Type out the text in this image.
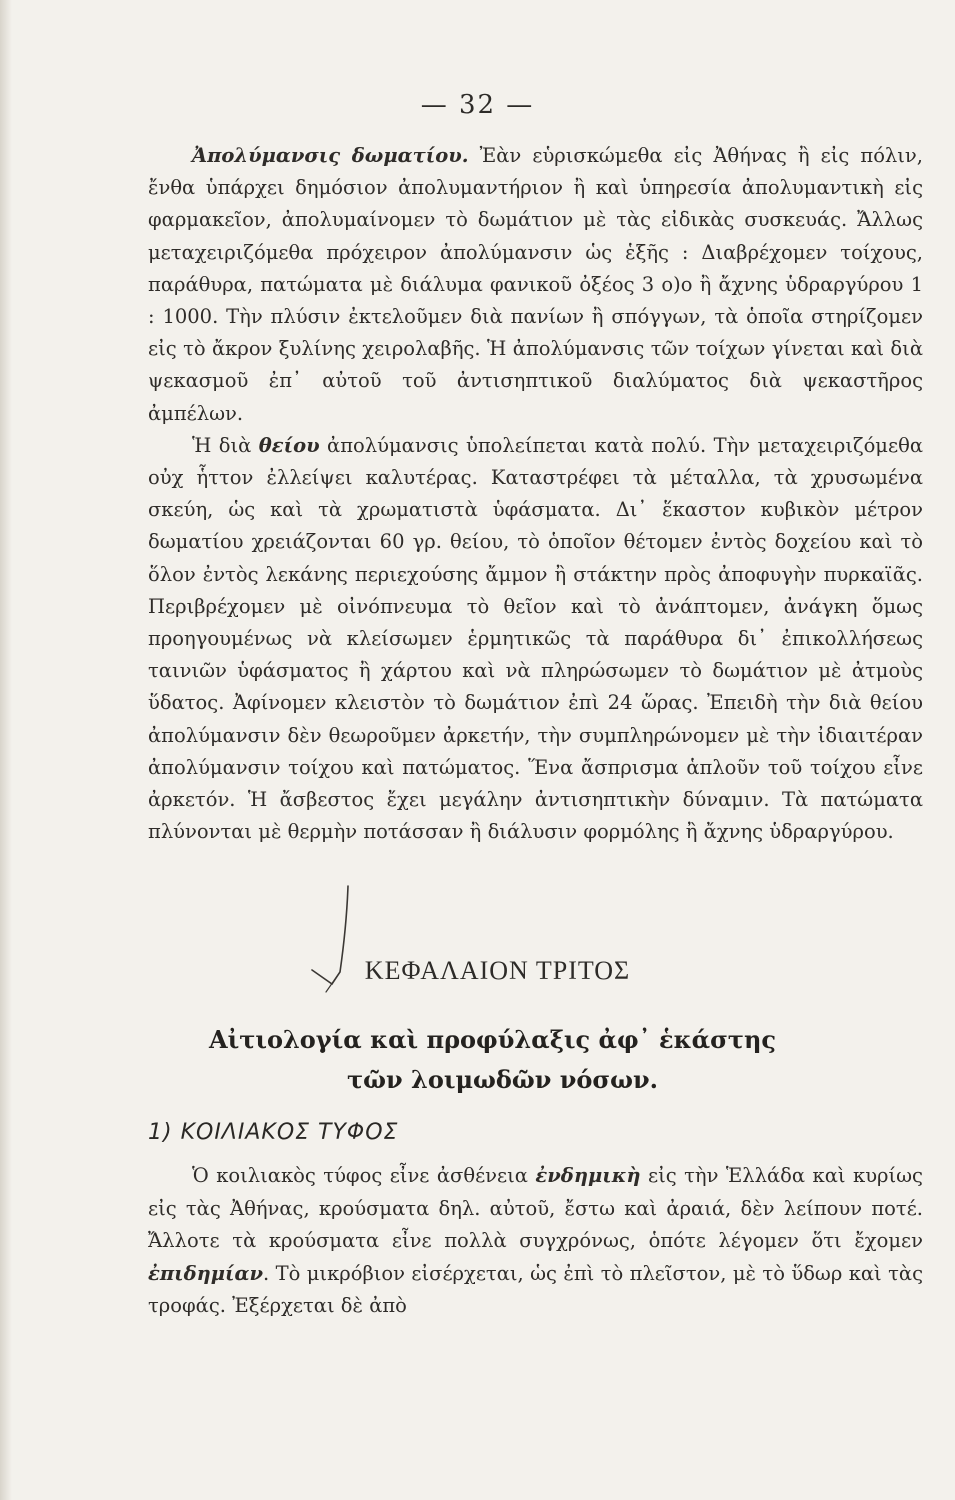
— 32 —

Ἀπολύμανσις δωματίου. Ἐὰν εὑρισκώμεθα εἰς Ἀθήνας ἢ εἰς πόλιν, ἔνθα ὑπάρχει δημόσιον ἀπολυμαντήριον ἢ καὶ ὑπηρεσία ἀπολυμαντικὴ εἰς φαρμακεῖον, ἀπολυμαίνομεν τὸ δωμάτιον μὲ τὰς εἰδικὰς συσκευάς. Ἄλλως μεταχειριζόμεθα πρόχειρον ἀπολύμανσιν ὡς ἑξῆς : Διαβρέχομεν τοίχους, παράθυρα, πατώματα μὲ διάλυμα φανικοῦ ὀξέος 3 ο)ο ἢ ἄχνης ὑδραργύρου 1 : 1000. Τὴν πλύσιν ἐκτελοῦμεν διὰ πανίων ἢ σπόγγων, τὰ ὁποῖα στηρίζομεν εἰς τὸ ἄκρον ξυλίνης χειρολαβῆς. Ἡ ἀπολύμανσις τῶν τοίχων γίνεται καὶ διὰ ψεκασμοῦ ἐπ᾽ αὐτοῦ τοῦ ἀντισηπτικοῦ διαλύματος διὰ ψεκαστῆρος ἀμπέλων.

Ἡ διὰ θείου ἀπολύμανσις ὑπολείπεται κατὰ πολύ. Τὴν μεταχειριζόμεθα οὐχ ἧττον ἐλλείψει καλυτέρας. Καταστρέφει τὰ μέταλλα, τὰ χρυσωμένα σκεύη, ὡς καὶ τὰ χρωματιστὰ ὑφάσματα. Δι᾽ ἕκαστον κυβικὸν μέτρον δωματίου χρειάζονται 60 γρ. θείου, τὸ ὁποῖον θέτομεν ἐντὸς δοχείου καὶ τὸ ὅλον ἐντὸς λεκάνης περιεχούσης ἄμμον ἢ στάκτην πρὸς ἀποφυγὴν πυρκαϊᾶς. Περιβρέχομεν μὲ οἰνόπνευμα τὸ θεῖον καὶ τὸ ἀνάπτομεν, ἀνάγκη ὅμως προηγουμένως νὰ κλείσωμεν ἑρμητικῶς τὰ παράθυρα δι᾽ ἐπικολλήσεως ταινιῶν ὑφάσματος ἢ χάρτου καὶ νὰ πληρώσωμεν τὸ δωμάτιον μὲ ἀτμοὺς ὕδατος. Ἀφίνομεν κλειστὸν τὸ δωμάτιον ἐπὶ 24 ὥρας. Ἐπειδὴ τὴν διὰ θείου ἀπολύμανσιν δὲν θεωροῦμεν ἀρκετήν, τὴν συμπληρώνομεν μὲ τὴν ἰδιαιτέραν ἀπολύμανσιν τοίχου καὶ πατώματος. Ἕνα ἄσπρισμα ἁπλοῦν τοῦ τοίχου εἶνε ἀρκετόν. Ἡ ἄσβεστος ἔχει μεγάλην ἀντισηπτικὴν δύναμιν. Τὰ πατώματα πλύνονται μὲ θερμὴν ποτάσσαν ἢ διάλυσιν φορμόλης ἢ ἄχνης ὑδραργύρου.

ΚΕΦΑΛΑΙΟΝ ΤΡΙΤΟΣ
Αἰτιολογία καὶ προφύλαξις ἀφ᾽ ἑκάστης
τῶν λοιμωδῶν νόσων.
1) ΚΟΙΛΙΑΚΟΣ ΤΥΦΟΣ

Ὁ κοιλιακὸς τύφος εἶνε ἀσθένεια ἐνδημικὴ εἰς τὴν Ἑλλάδα καὶ κυρίως εἰς τὰς Ἀθήνας, κρούσματα δηλ. αὐτοῦ, ἔστω καὶ ἀραιά, δὲν λείπουν ποτέ. Ἄλλοτε τὰ κρούσματα εἶνε πολλὰ συγχρόνως, ὁπότε λέγομεν ὅτι ἔχομεν ἐπιδημίαν. Τὸ μικρόβιον εἰσέρχεται, ὡς ἐπὶ τὸ πλεῖστον, μὲ τὸ ὕδωρ καὶ τὰς τροφάς. Ἐξέρχεται δὲ ἀπὸ
